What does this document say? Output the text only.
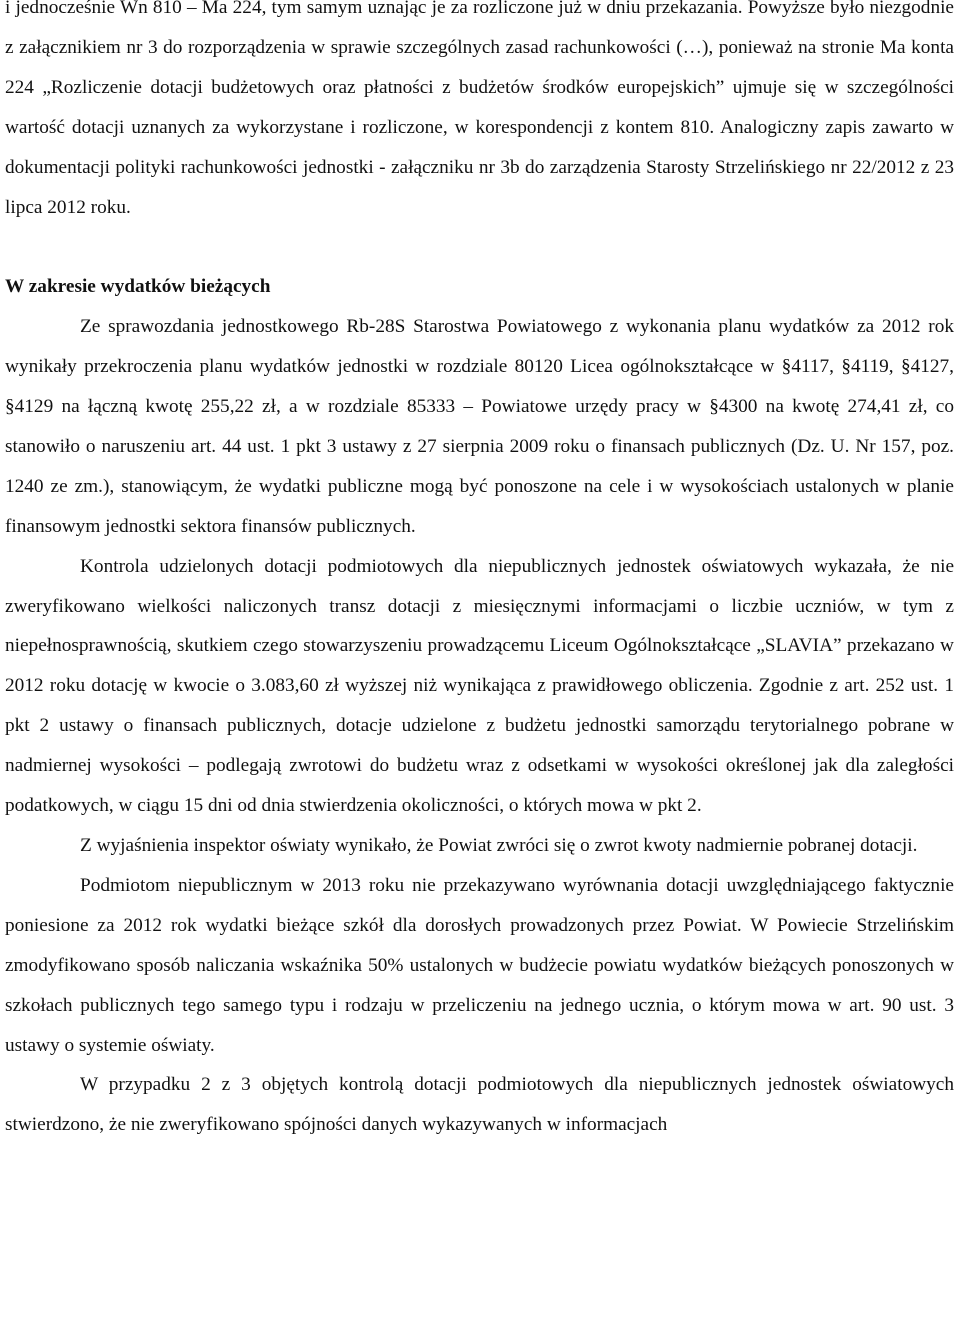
i jednocześnie Wn 810 – Ma 224, tym samym uznając je za rozliczone już w dniu przekazania. Powyższe było niezgodnie z załącznikiem nr 3 do rozporządzenia w sprawie szczególnych zasad rachunkowości (…), ponieważ na stronie Ma konta 224 „Rozliczenie dotacji budżetowych oraz płatności z budżetów środków europejskich” ujmuje się w szczególności wartość dotacji uznanych za wykorzystane i rozliczone, w korespondencji z kontem 810. Analogiczny zapis zawarto w dokumentacji polityki rachunkowości jednostki - załączniku nr 3b do zarządzenia Starosty Strzelińskiego nr 22/2012 z 23 lipca 2012 roku.

W zakresie wydatków bieżących

Ze sprawozdania jednostkowego Rb-28S Starostwa Powiatowego z wykonania planu wydatków za 2012 rok wynikały przekroczenia planu wydatków jednostki w rozdziale 80120 Licea ogólnokształcące w §4117, §4119, §4127, §4129 na łączną kwotę 255,22 zł, a w rozdziale 85333 – Powiatowe urzędy pracy w §4300 na kwotę 274,41 zł, co stanowiło o naruszeniu art. 44 ust. 1 pkt 3 ustawy z 27 sierpnia 2009 roku o finansach publicznych (Dz. U. Nr 157, poz. 1240 ze zm.), stanowiącym, że wydatki publiczne mogą być ponoszone na cele i w wysokościach ustalonych w planie finansowym jednostki sektora finansów publicznych.

Kontrola udzielonych dotacji podmiotowych dla niepublicznych jednostek oświatowych wykazała, że nie zweryfikowano wielkości naliczonych transz dotacji z miesięcznymi informacjami o liczbie uczniów, w tym z niepełnosprawnością, skutkiem czego stowarzyszeniu prowadzącemu Liceum Ogólnokształcące „SLAVIA” przekazano w 2012 roku dotację w kwocie o 3.083,60 zł wyższej niż wynikająca z prawidłowego obliczenia. Zgodnie z art. 252 ust. 1 pkt 2 ustawy o finansach publicznych, dotacje udzielone z budżetu jednostki samorządu terytorialnego pobrane w nadmiernej wysokości – podlegają zwrotowi do budżetu wraz z odsetkami w wysokości określonej jak dla zaległości podatkowych, w ciągu 15 dni od dnia stwierdzenia okoliczności, o których mowa w pkt 2.

Z wyjaśnienia inspektor oświaty wynikało, że Powiat zwróci się o zwrot kwoty nadmiernie pobranej dotacji.

Podmiotom niepublicznym w 2013 roku nie przekazywano wyrównania dotacji uwzględniającego faktycznie poniesione za 2012 rok wydatki bieżące szkół dla dorosłych prowadzonych przez Powiat. W Powiecie Strzelińskim zmodyfikowano sposób naliczania wskaźnika 50% ustalonych w budżecie powiatu wydatków bieżących ponoszonych w szkołach publicznych tego samego typu i rodzaju w przeliczeniu na jednego ucznia, o którym mowa w art. 90 ust. 3 ustawy o systemie oświaty.

W przypadku 2 z 3 objętych kontrolą dotacji podmiotowych dla niepublicznych jednostek oświatowych stwierdzono, że nie zweryfikowano spójności danych wykazywanych w informacjach
